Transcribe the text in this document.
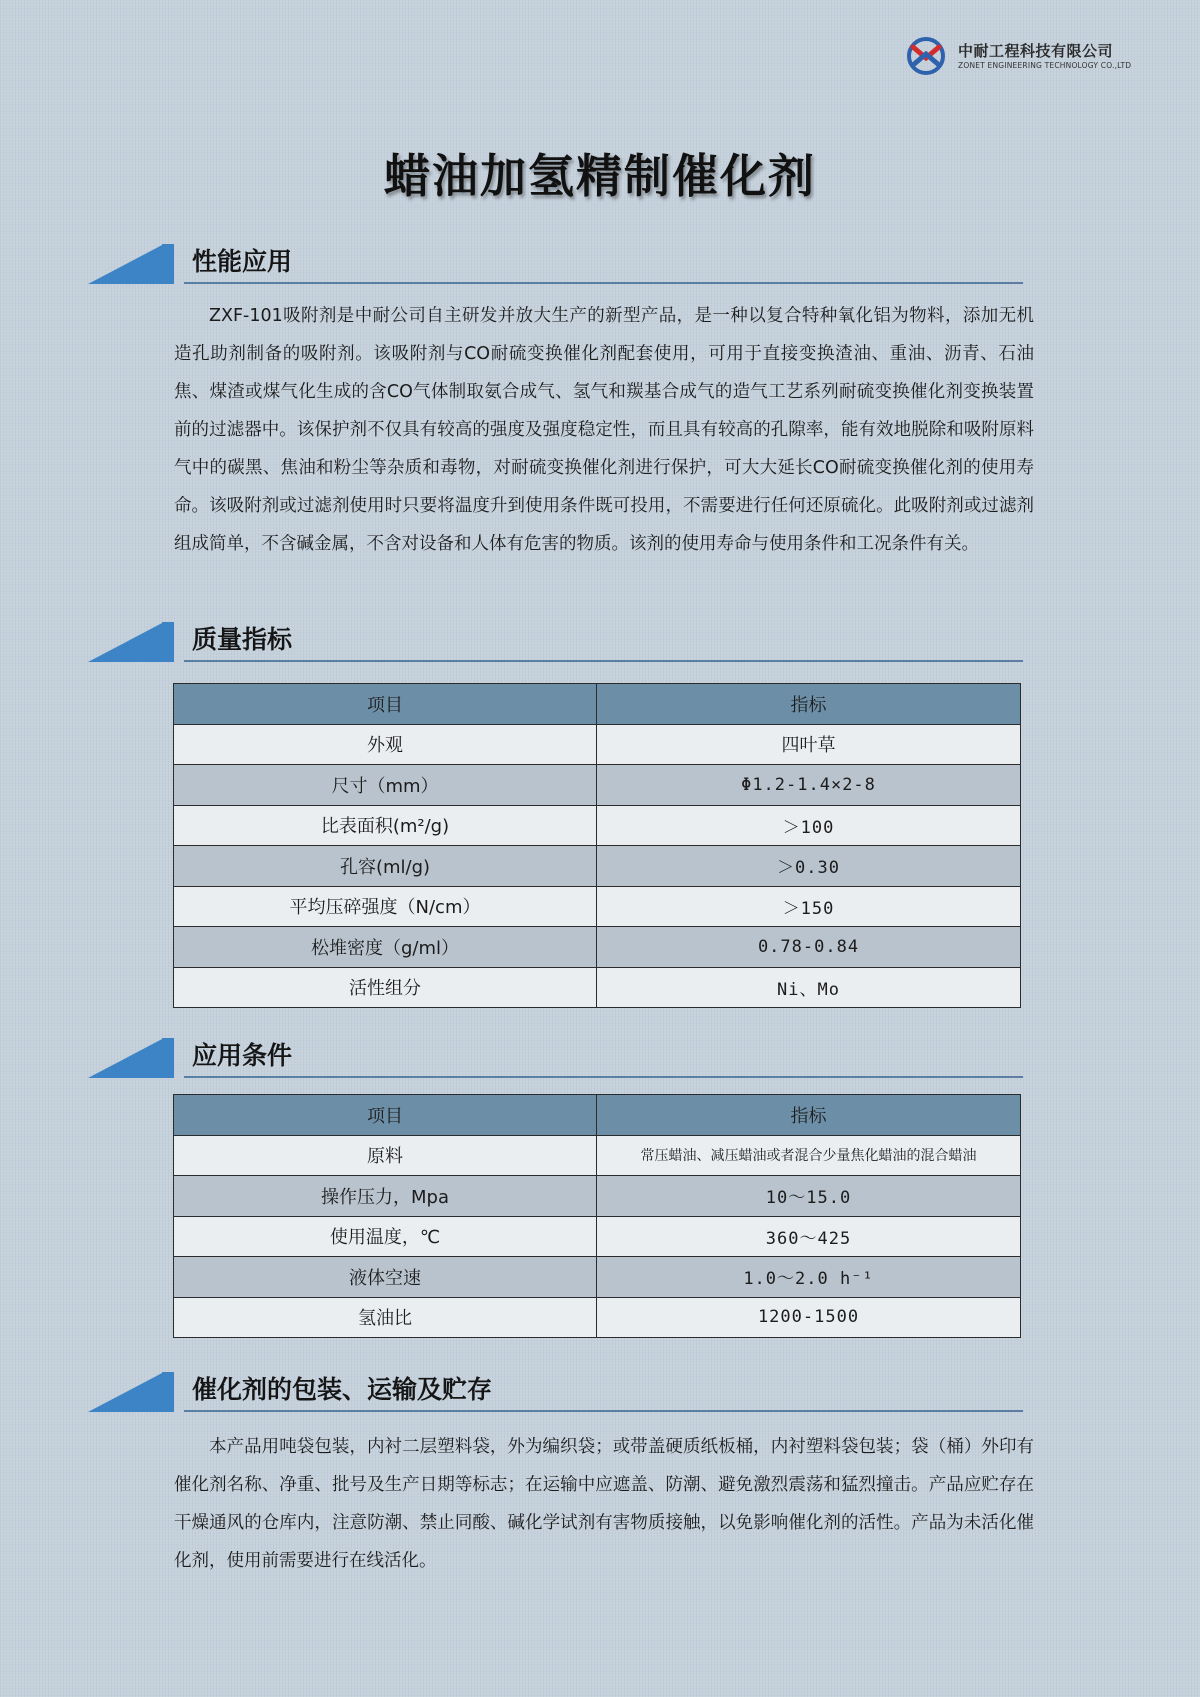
中耐工程科技有限公司
ZONET ENGINEERING TECHNOLOGY CO.,LTD
蜡油加氢精制催化剂
性能应用
ZXF-101吸附剂是中耐公司自主研发并放大生产的新型产品，是一种以复合特种氧化铝为物料，添加无机造孔助剂制备的吸附剂。该吸附剂与CO耐硫变换催化剂配套使用，可用于直接变换渣油、重油、沥青、石油焦、煤渣或煤气化生成的含CO气体制取氨合成气、氢气和羰基合成气的造气工艺系列耐硫变换催化剂变换装置前的过滤器中。该保护剂不仅具有较高的强度及强度稳定性，而且具有较高的孔隙率，能有效地脱除和吸附原料气中的碳黑、焦油和粉尘等杂质和毒物，对耐硫变换催化剂进行保护，可大大延长CO耐硫变换催化剂的使用寿命。该吸附剂或过滤剂使用时只要将温度升到使用条件既可投用，不需要进行任何还原硫化。此吸附剂或过滤剂组成简单，不含碱金属，不含对设备和人体有危害的物质。该剂的使用寿命与使用条件和工况条件有关。
质量指标
项目	指标
外观	四叶草
尺寸（mm）	Φ1.2-1.4×2-8
比表面积(m²/g)	＞100
孔容(ml/g)	＞0.30
平均压碎强度（N/cm）	＞150
松堆密度（g/ml）	0.78-0.84
活性组分	Ni、Mo
应用条件
项目	指标
原料	常压蜡油、减压蜡油或者混合少量焦化蜡油的混合蜡油
操作压力，Mpa	10～15.0
使用温度，℃	360～425
液体空速	1.0～2.0 h⁻¹
氢油比	1200-1500
催化剂的包装、运输及贮存
本产品用吨袋包装，内衬二层塑料袋，外为编织袋；或带盖硬质纸板桶，内衬塑料袋包装；袋（桶）外印有催化剂名称、净重、批号及生产日期等标志；在运输中应遮盖、防潮、避免激烈震荡和猛烈撞击。产品应贮存在干燥通风的仓库内，注意防潮、禁止同酸、碱化学试剂有害物质接触，以免影响催化剂的活性。产品为未活化催化剂，使用前需要进行在线活化。
